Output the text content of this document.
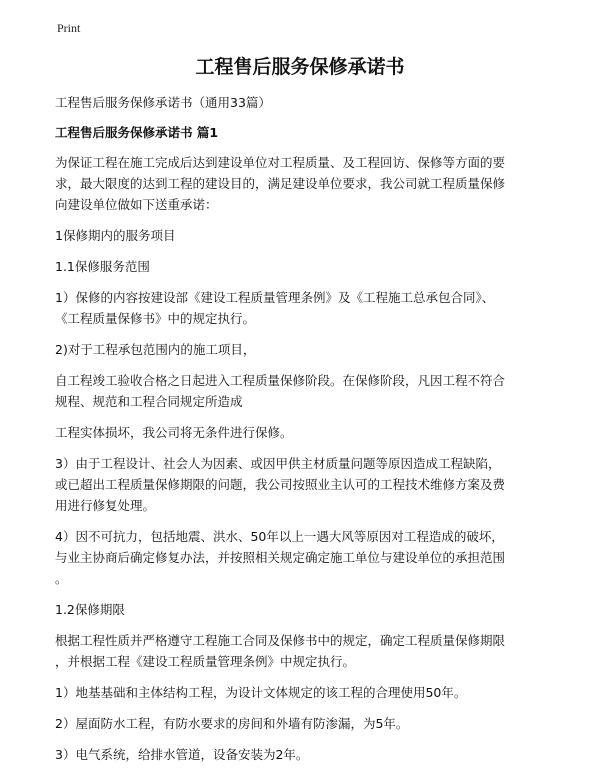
Print
工程售后服务保修承诺书
工程售后服务保修承诺书（通用33篇）
工程售后服务保修承诺书 篇1

为保证工程在施工完成后达到建设单位对工程质量、及工程回访、保修等方面的要
求，最大限度的达到工程的建设目的，满足建设单位要求，我公司就工程质量保修
向建设单位做如下送重承诺：

1保修期内的服务项目

1.1保修服务范围

1）保修的内容按建设部《建设工程质量管理条例》及《工程施工总承包合同》、
《工程质量保修书》中的规定执行。

2)对于工程承包范围内的施工项目，

自工程竣工验收合格之日起进入工程质量保修阶段。在保修阶段，凡因工程不符合
规程、规范和工程合同规定所造成

工程实体损坏，我公司将无条件进行保修。

3）由于工程设计、社会人为因素、或因甲供主材质量问题等原因造成工程缺陷，
或已超出工程质量保修期限的问题，我公司按照业主认可的工程技术维修方案及费
用进行修复处理。

4）因不可抗力，包括地震、洪水、50年以上一遇大风等原因对工程造成的破坏，
与业主协商后确定修复办法，并按照相关规定确定施工单位与建设单位的承担范围
。

1.2保修期限

根据工程性质并严格遵守工程施工合同及保修书中的规定，确定工程质量保修期限
，并根据工程《建设工程质量管理条例》中规定执行。

1）地基基础和主体结构工程，为设计文体规定的该工程的合理使用50年。

2）屋面防水工程，有防水要求的房间和外墙有防渗漏，为5年。

3）电气系统，给排水管道，设备安装为2年。
